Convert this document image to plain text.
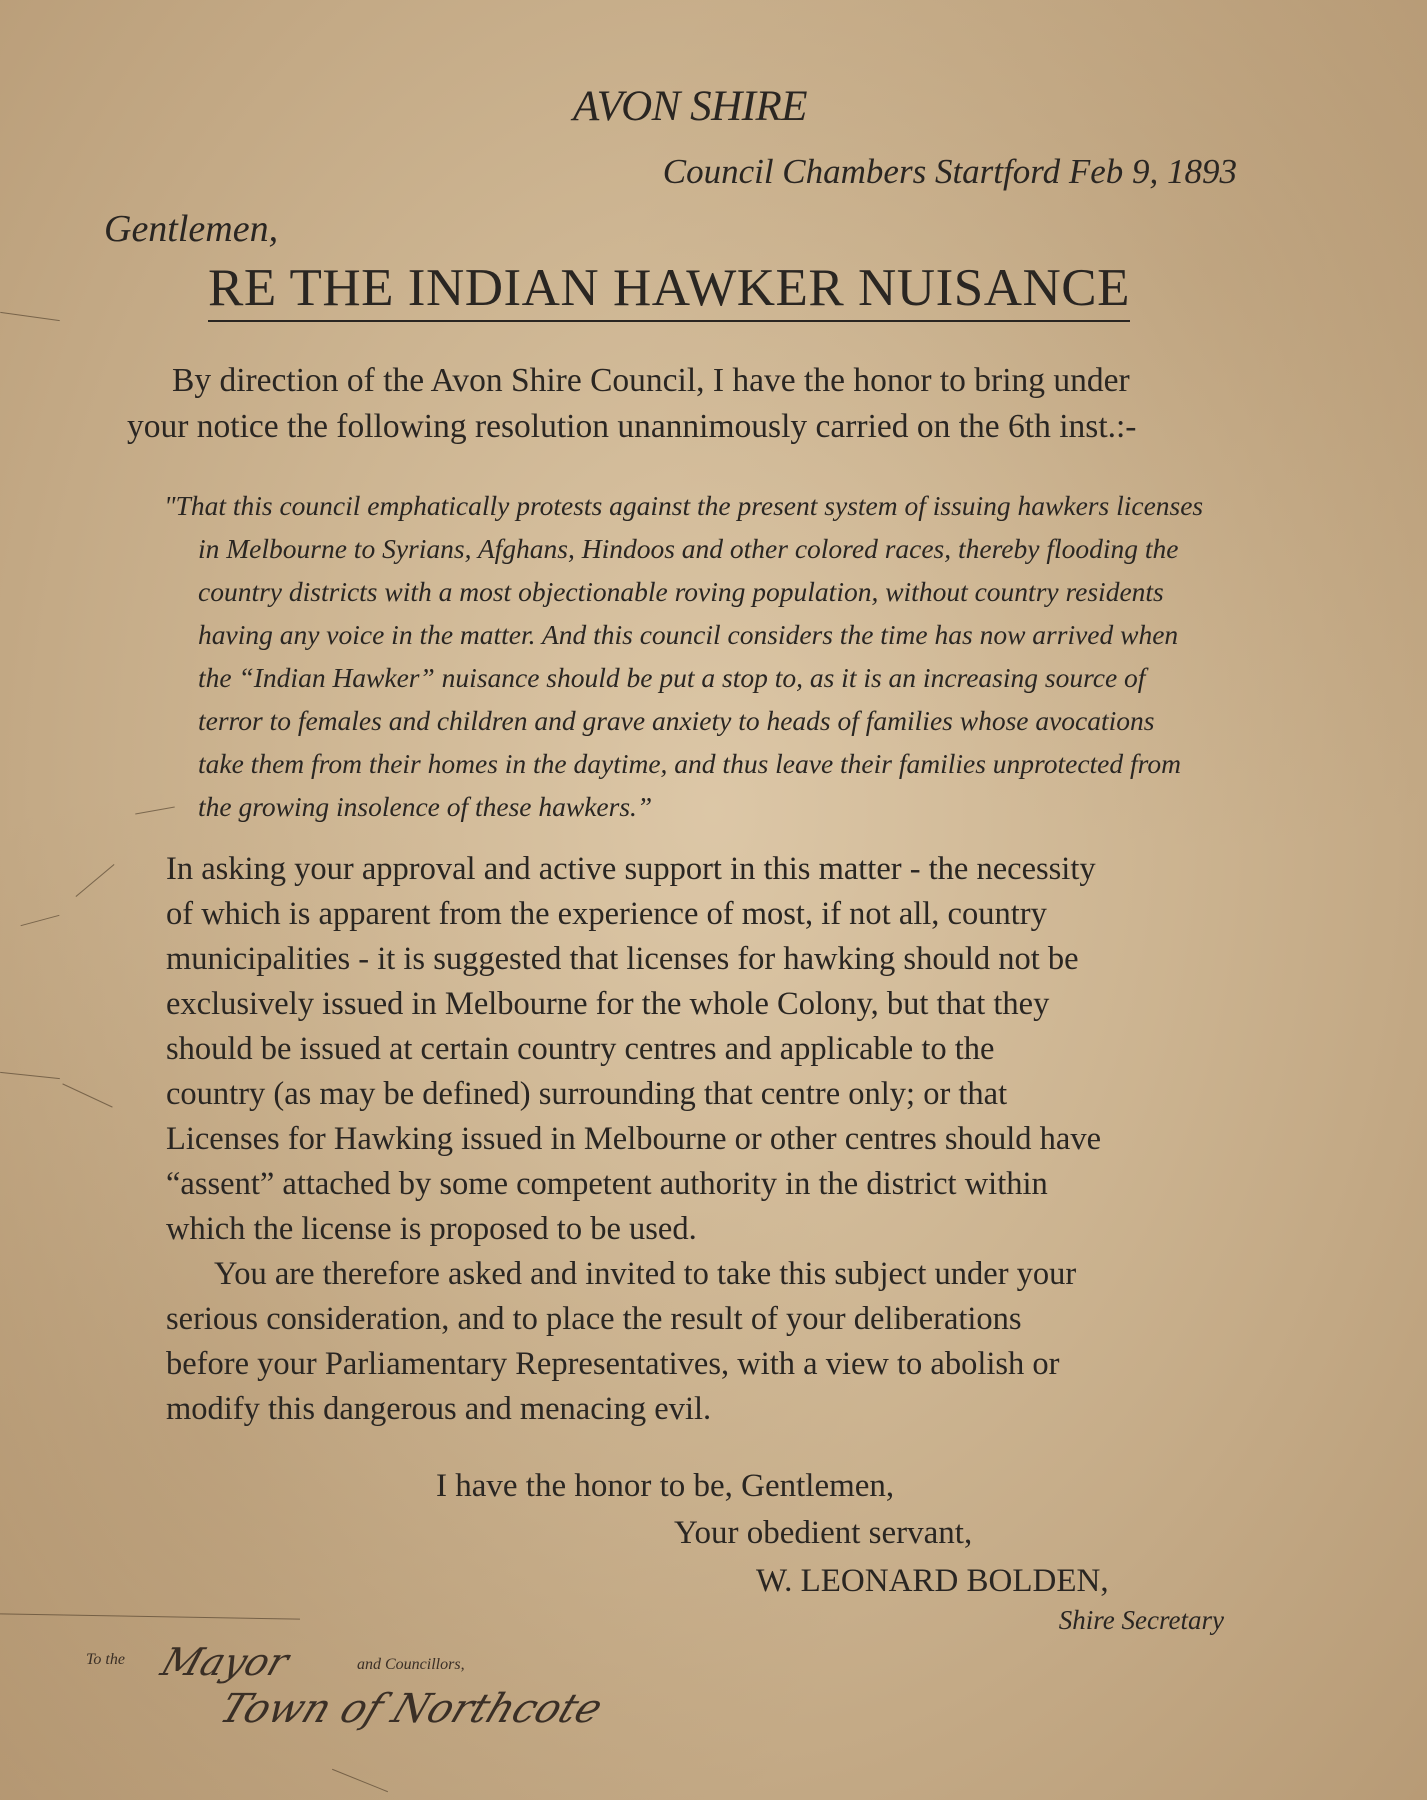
AVON SHIRE

Council Chambers Startford Feb 9, 1893

Gentlemen,

RE THE INDIAN HAWKER NUISANCE
By direction of the Avon Shire Council, I have the honor to bring under
your notice the following resolution unannimously carried on the 6th inst.:-
"That this council emphatically protests against the present system of issuing hawkers licenses
in Melbourne to Syrians, Afghans, Hindoos and other colored races, thereby flooding the
country districts with a most objectionable roving population, without country residents
having any voice in the matter. And this council considers the time has now arrived when
the “Indian Hawker” nuisance should be put a stop to, as it is an increasing source of
terror to females and children and grave anxiety to heads of families whose avocations
take them from their homes in the daytime, and thus leave their families unprotected from
the growing insolence of these hawkers.”
In asking your approval and active support in this matter - the necessity
of which is apparent from the experience of most, if not all, country
municipalities - it is suggested that licenses for hawking should not be
exclusively issued in Melbourne for the whole Colony, but that they
should be issued at certain country centres and applicable to the
country (as may be defined) surrounding that centre only; or that
Licenses for Hawking issued in Melbourne or other centres should have
“assent” attached by some competent authority in the district within
which the license is proposed to be used.
You are therefore asked and invited to take this subject under your
serious consideration, and to place the result of your deliberations
before your Parliamentary Representatives, with a view to abolish or
modify this dangerous and menacing evil.
I have the honor to be, Gentlemen,
Your obedient servant,
W. LEONARD BOLDEN,
Shire Secretary
To the Mayor	and Councillors,
Town of Northcote
